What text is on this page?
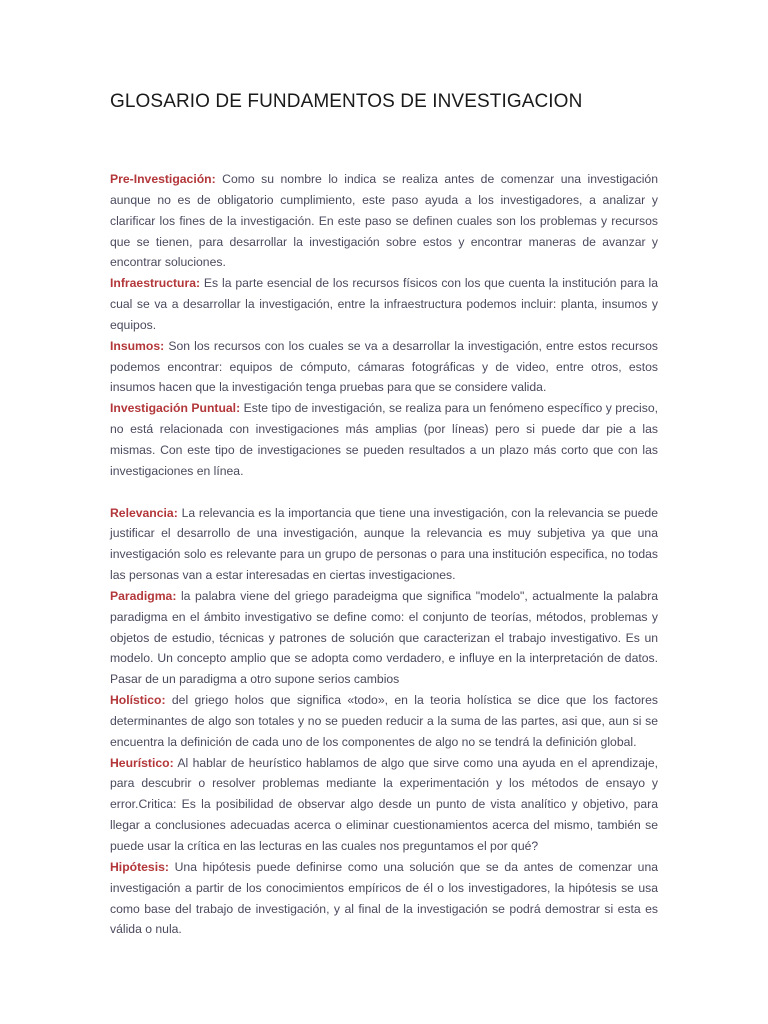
GLOSARIO DE FUNDAMENTOS DE INVESTIGACION

Pre-Investigación: Como su nombre lo indica se realiza antes de comenzar una investigación aunque no es de obligatorio cumplimiento, este paso ayuda a los investigadores, a analizar y clarificar los fines de la investigación. En este paso se definen cuales son los problemas y recursos que se tienen, para desarrollar la investigación sobre estos y encontrar maneras de avanzar y encontrar soluciones.

Infraestructura: Es la parte esencial de los recursos físicos con los que cuenta la institución para la cual se va a desarrollar la investigación, entre la infraestructura podemos incluir: planta, insumos y equipos.

Insumos: Son los recursos con los cuales se va a desarrollar la investigación, entre estos recursos podemos encontrar: equipos de cómputo, cámaras fotográficas y de video, entre otros, estos insumos hacen que la investigación tenga pruebas para que se considere valida.

Investigación Puntual: Este tipo de investigación, se realiza para un fenómeno específico y preciso, no está relacionada con investigaciones más amplias (por líneas) pero si puede dar pie a las mismas. Con este tipo de investigaciones se pueden resultados a un plazo más corto que con las investigaciones en línea.

Relevancia: La relevancia es la importancia que tiene una investigación, con la relevancia se puede justificar el desarrollo de una investigación, aunque la relevancia es muy subjetiva ya que una investigación solo es relevante para un grupo de personas o para una institución especifica, no todas las personas van a estar interesadas en ciertas investigaciones.

Paradigma: la palabra viene del griego paradeigma que significa "modelo", actualmente la palabra paradigma en el ámbito investigativo se define como: el conjunto de teorías, métodos, problemas y objetos de estudio, técnicas y patrones de solución que caracterizan el trabajo investigativo. Es un modelo. Un concepto amplio que se adopta como verdadero, e influye en la interpretación de datos. Pasar de un paradigma a otro supone serios cambios

Holístico: del griego holos que significa «todo», en la teoria holística se dice que los factores determinantes de algo son totales y no se pueden reducir a la suma de las partes, asi que, aun si se encuentra la definición de cada uno de los componentes de algo no se tendrá la definición global.

Heurístico: Al hablar de heurístico hablamos de algo que sirve como una ayuda en el aprendizaje, para descubrir o resolver problemas mediante la experimentación y los métodos de ensayo y error.Critica: Es la posibilidad de observar algo desde un punto de vista analítico y objetivo, para llegar a conclusiones adecuadas acerca o eliminar cuestionamientos acerca del mismo, también se puede usar la crítica en las lecturas en las cuales nos preguntamos el por qué?

Hipótesis: Una hipótesis puede definirse como una solución que se da antes de comenzar una investigación a partir de los conocimientos empíricos de él o los investigadores, la hipótesis se usa como base del trabajo de investigación, y al final de la investigación se podrá demostrar si esta es válida o nula.
